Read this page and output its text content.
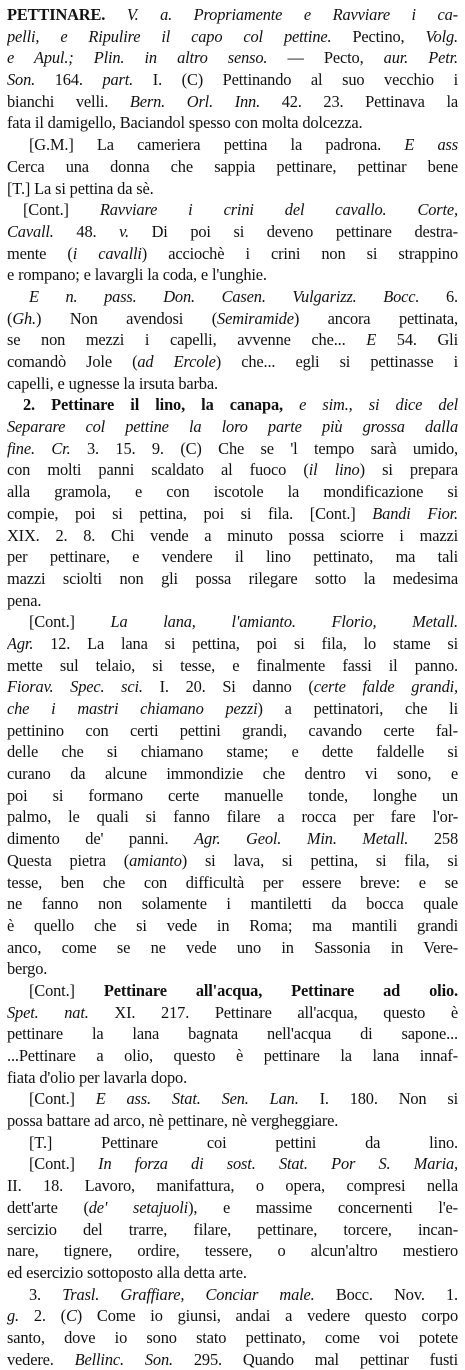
PETTINARE. V. a. Propriamente e Ravviare i ca-
pelli, e Ripulire il capo col pettine. Pectino, Volg.
e Apul.; Plin. in altro senso. — Pecto, aur. Petr.
Son. 164. part. I. (C) Pettinando al suo vecchio i
bianchi velli. Bern. Orl. Inn. 42. 23. Pettinava la
fata il damigello, Baciandol spesso con molta dolcezza.
[G.M.] La cameriera pettina la padrona. E ass
Cerca una donna che sappia pettinare, pettinar bene
[T.] La si pettina da sè.
[Cont.] Ravviare i crini del cavallo. Corte,
Cavall. 48. v. Di poi si deveno pettinare destra-
mente (i cavalli) acciochè i crini non si strappino
e rompano; e lavargli la coda, e l'unghie.
E n. pass. Don. Casen. Vulgarizz. Bocc. 6.
(Gh.) Non avendosi (Semiramide) ancora pettinata,
se non mezzi i capelli, avvenne che... E 54. Gli
comandò Jole (ad Ercole) che... egli si pettinasse i
capelli, e ugnesse la irsuta barba.
2. Pettinare il lino, la canapa, e sim., si dice del
Separare col pettine la loro parte più grossa dalla
fine. Cr. 3. 15. 9. (C) Che se 'l tempo sarà umido,
con molti panni scaldato al fuoco (il lino) si prepara
alla gramola, e con iscotole la mondificazione si
compie, poi si pettina, poi si fila. [Cont.] Bandi Fior.
XIX. 2. 8. Chi vende a minuto possa sciorre i mazzi
per pettinare, e vendere il lino pettinato, ma tali
mazzi sciolti non gli possa rilegare sotto la medesima
pena.
[Cont.] La lana, l'amianto. Florio, Metall.
Agr. 12. La lana si pettina, poi si fila, lo stame si
mette sul telaio, si tesse, e finalmente fassi il panno.
Fiorav. Spec. sci. I. 20. Si danno (certe falde grandi,
che i mastri chiamano pezzi) a pettinatori, che li
pettinino con certi pettini grandi, cavando certe fal-
delle che si chiamano stame; e dette faldelle si
curano da alcune immondizie che dentro vi sono, e
poi si formano certe manuelle tonde, longhe un
palmo, le quali si fanno filare a rocca per fare l'or-
dimento de' panni. Agr. Geol. Min. Metall. 258
Questa pietra (amianto) si lava, si pettina, si fila, si
tesse, ben che con difficultà per essere breve: e se
ne fanno non solamente i mantiletti da bocca quale
è quello che si vede in Roma; ma mantili grandi
anco, come se ne vede uno in Sassonia in Vere-
bergo.
[Cont.] Pettinare all'acqua, Pettinare ad olio.
Spet. nat. XI. 217. Pettinare all'acqua, questo è
pettinare la lana bagnata nell'acqua di sapone...
...Pettinare a olio, questo è pettinare la lana innaf-
fiata d'olio per lavarla dopo.
[Cont.] E ass. Stat. Sen. Lan. I. 180. Non si
possa battare ad arco, nè pettinare, nè vergheggiare.
[T.] Pettinare coi pettini da lino.
[Cont.] In forza di sost. Stat. Por S. Maria,
II. 18. Lavoro, manifattura, o opera, compresi nella
dett'arte (de' setajuoli), e massime concernenti l'e-
sercizio del trarre, filare, pettinare, torcere, incan-
nare, tignere, ordire, tessere, o alcun'altro mestiero
ed esercizio sottoposto alla detta arte.
3. Trasl. Graffiare, Conciar male. Bocc. Nov. 1.
g. 2. (C) Come io giunsi, andai a vedere questo corpo
santo, dove io sono stato pettinato, come voi potete
vedere. Bellinc. Son. 295. Quando mal pettinar fusti
